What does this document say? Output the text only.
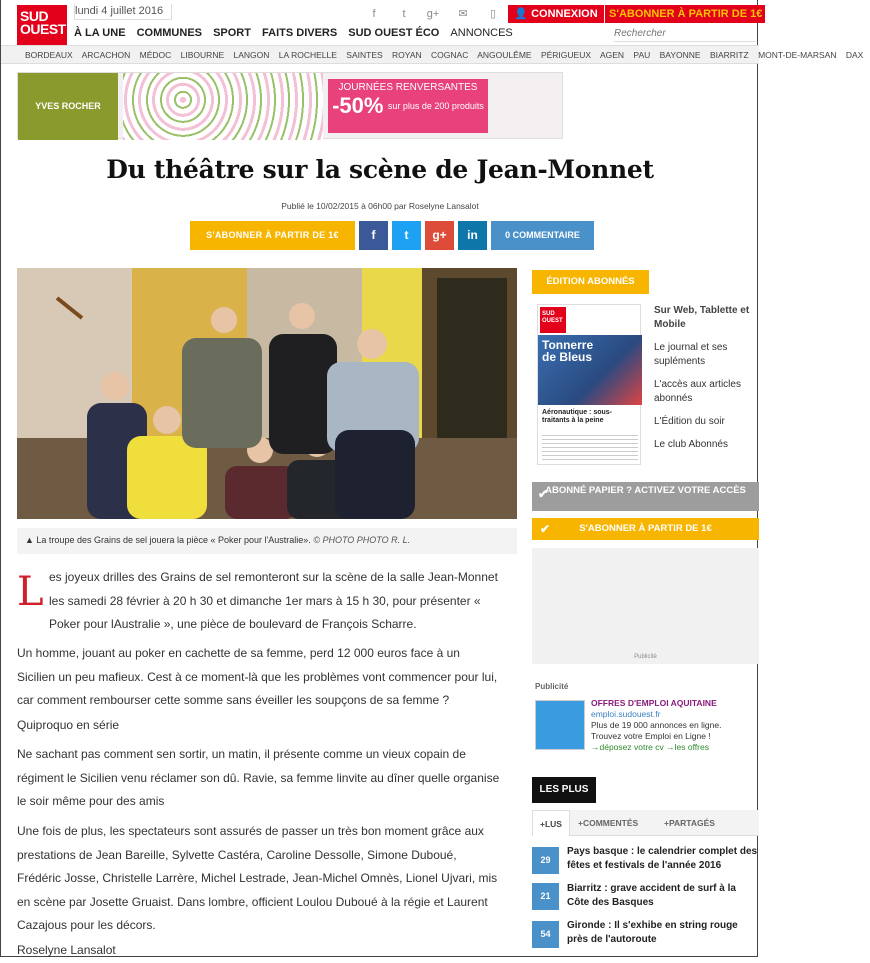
SUD OUEST
lundi 4 juillet 2016	f	t	g+ ✉	▯	👤 CONNEXION	S'ABONNER À PARTIR DE 1€
À LA UNE COMMUNES SPORT FAITS DIVERS SUD OUEST ÉCO ANNONCES
Rechercher
BORDEAUX ARCACHON MÉDOC LIBOURNE LANGON LA ROCHELLE SAINTES ROYAN COGNAC ANGOULÊME PÉRIGUEUX AGEN PAU BAYONNE BIARRITZ MONT-DE-MARSAN DAX
YVES ROCHER
JOURNÉES RENVERSANTES
-50% sur plus de 200 produits
Du théâtre sur la scène de Jean-Monnet
Publié le 10/02/2015 à 06h00 par Roselyne Lansalot
S'ABONNER À PARTIR DE 1€	f	t	g+	in	0 COMMENTAIRE
▲ La troupe des Grains de sel jouera la pièce « Poker pour l'Australie». © PHOTO PHOTO R. L.
L es joyeux drilles des Grains de sel remonteront sur la scène de la salle Jean-Monnet les samedi 28 février à 20 h 30 et dimanche 1er mars à 15 h 30, pour présenter « Poker pour lAustralie », une pièce de boulevard de François Scharre.

Un homme, jouant au poker en cachette de sa femme, perd 12 000 euros face à un Sicilien un peu mafieux. Cest à ce moment-là que les problèmes vont commencer pour lui, car comment rembourser cette somme sans éveiller les soupçons de sa femme ?

Quiproquo en série

Ne sachant pas comment sen sortir, un matin, il présente comme un vieux copain de régiment le Sicilien venu réclamer son dû. Ravie, sa femme linvite au dîner quelle organise le soir même pour des amis

Une fois de plus, les spectateurs sont assurés de passer un très bon moment grâce aux prestations de Jean Bareille, Sylvette Castéra, Caroline Dessolle, Simone Duboué, Frédéric Josse, Christelle Larrère, Michel Lestrade, Jean-Michel Omnès, Lionel Ujvari, mis en scène par Josette Gruaist. Dans lombre, officient Loulou Duboué à la régie et Laurent Cazajous pour les décors.

Roselyne Lansalot

ÉDITION ABONNÉS
SUD OUEST
Tonnerre de Bleus
Aéronautique : sous-traitants à la peine
Sur Web, Tablette et Mobile
Le journal et ses supléments
L'accès aux articles abonnés
L'Édition du soir
Le club Abonnés
✔
ABONNÉ PAPIER ? ACTIVEZ VOTRE ACCÈS
✔	S'ABONNER À PARTIR DE 1€
Publicité
Publicité
OFFRES D'EMPLOI AQUITAINE
emploi.sudouest.fr
Plus de 19 000 annonces en ligne.
Trouvez votre Emploi en Ligne !
→déposez votre cv →les offres
LES PLUS
+LUS	+COMMENTÉS	+PARTAGÉS
29
Pays basque : le calendrier complet des fêtes et festivals de l'année 2016
21
Biarritz : grave accident de surf à la Côte des Basques
54
Gironde : Il s'exhibe en string rouge près de l'autoroute
